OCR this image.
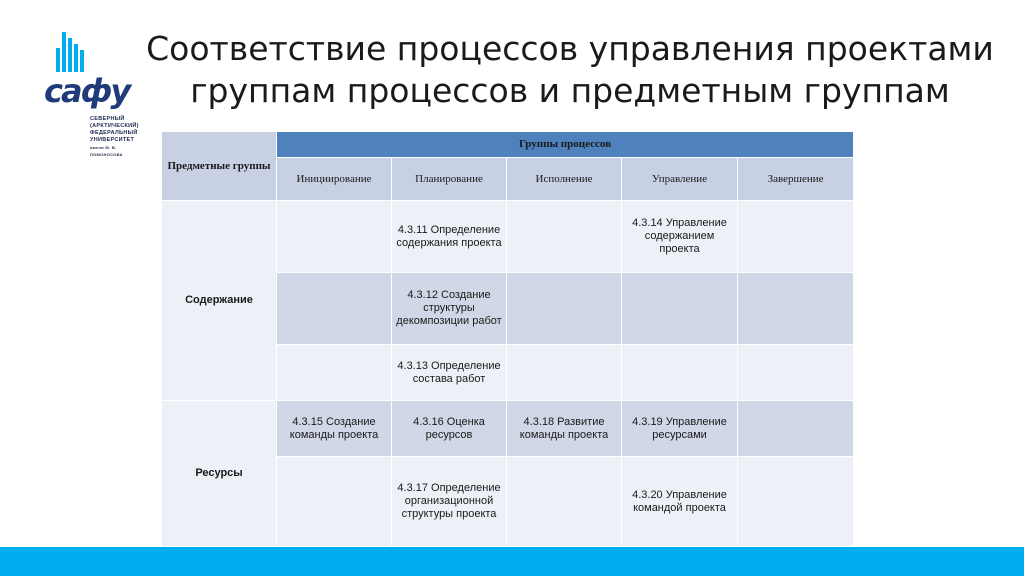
сафу
СЕВЕРНЫЙ
(АРКТИЧЕСКИЙ)
ФЕДЕРАЛЬНЫЙ
УНИВЕРСИТЕТ
имени М. В. ЛОМОНОСОВА
Соответствие процессов управления проектами
группам процессов и предметным группам
Предметные группы	Группы процессов				
	Инициирование	Планирование	Исполнение	Управление	Завершение
Содержание		4.3.11 Определение содержания проекта		4.3.14 Управление содержанием проекта	
		4.3.12 Создание структуры декомпозиции работ			
		4.3.13 Определение состава работ			
Ресурсы	4.3.15 Создание команды проекта	4.3.16 Оценка ресурсов	4.3.18 Развитие команды проекта	4.3.19 Управление ресурсами	
		4.3.17 Определение организационной структуры проекта		4.3.20 Управление командой проекта	
